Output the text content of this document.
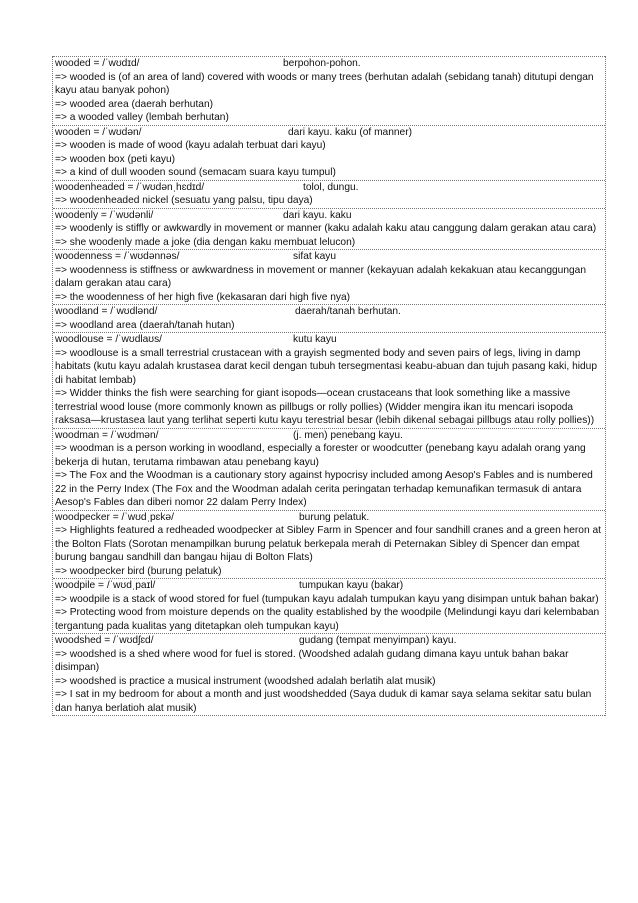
wooded = /ˈwʊdɪd/	berpohon-pohon.
=> wooded is (of an area of land) covered with woods or many trees (berhutan adalah (sebidang tanah) ditutupi dengan kayu atau banyak pohon)
=> wooded area (daerah berhutan)
=> a wooded valley (lembah berhutan)
wooden = /ˈwʊdən/	dari kayu. kaku (of manner)
=> wooden is made of wood (kayu adalah terbuat dari kayu)
=> wooden box (peti kayu)
=> a kind of dull wooden sound (semacam suara kayu tumpul)
woodenheaded = /ˈwʊdənˌhɛdɪd/	tolol, dungu.
=> woodenheaded nickel (sesuatu yang palsu, tipu daya)
woodenly = /ˈwʊdənli/	dari kayu. kaku
=> woodenly is stiffly or awkwardly in movement or manner (kaku adalah kaku atau canggung dalam gerakan atau cara)
=> she woodenly made a joke (dia dengan kaku membuat lelucon)
woodenness = /ˈwʊdənnəs/	sifat kayu
=> woodenness is stiffness or awkwardness in movement or manner (kekayuan adalah kekakuan atau kecanggungan dalam gerakan atau cara)
=> the woodenness of her high five (kekasaran dari high five nya)
woodland = /ˈwʊdlənd/	daerah/tanah berhutan.
=> woodland area (daerah/tanah hutan)
woodlouse = /ˈwʊdlaʊs/	kutu kayu
=> woodlouse is a small terrestrial crustacean with a grayish segmented body and seven pairs of legs, living in damp habitats (kutu kayu adalah krustasea darat kecil dengan tubuh tersegmentasi keabu-abuan dan tujuh pasang kaki, hidup di habitat lembab)
=> Widder thinks the fish were searching for giant isopods—ocean crustaceans that look something like a massive terrestrial wood louse (more commonly known as pillbugs or rolly pollies) (Widder mengira ikan itu mencari isopoda raksasa—krustasea laut yang terlihat seperti kutu kayu terestrial besar (lebih dikenal sebagai pillbugs atau rolly pollies))
woodman = /ˈwʊdmən/	(j. men) penebang kayu.
=> woodman is a person working in woodland, especially a forester or woodcutter (penebang kayu adalah orang yang bekerja di hutan, terutama rimbawan atau penebang kayu)
=> The Fox and the Woodman is a cautionary story against hypocrisy included among Aesop's Fables and is numbered 22 in the Perry Index (The Fox and the Woodman adalah cerita peringatan terhadap kemunafikan termasuk di antara Aesop's Fables dan diberi nomor 22 dalam Perry Index)
woodpecker = /ˈwʊdˌpɛkə/	burung pelatuk.
=> Highlights featured a redheaded woodpecker at Sibley Farm in Spencer and four sandhill cranes and a green heron at the Bolton Flats (Sorotan menampilkan burung pelatuk berkepala merah di Peternakan Sibley di Spencer dan empat burung bangau sandhill dan bangau hijau di Bolton Flats)
=> woodpecker bird (burung pelatuk)
woodpile = /ˈwʊdˌpaɪl/	tumpukan kayu (bakar)
=> woodpile is a stack of wood stored for fuel (tumpukan kayu adalah tumpukan kayu yang disimpan untuk bahan bakar)
=> Protecting wood from moisture depends on the quality established by the woodpile (Melindungi kayu dari kelembaban tergantung pada kualitas yang ditetapkan oleh tumpukan kayu)
woodshed = /ˈwʊdʃɛd/	gudang (tempat menyimpan) kayu.
=> woodshed is a shed where wood for fuel is stored. (Woodshed adalah gudang dimana kayu untuk bahan bakar disimpan)
=> woodshed is practice a musical instrument (woodshed adalah berlatih alat musik)
=> I sat in my bedroom for about a month and just woodshedded (Saya duduk di kamar saya selama sekitar satu bulan dan hanya berlatioh alat musik)
